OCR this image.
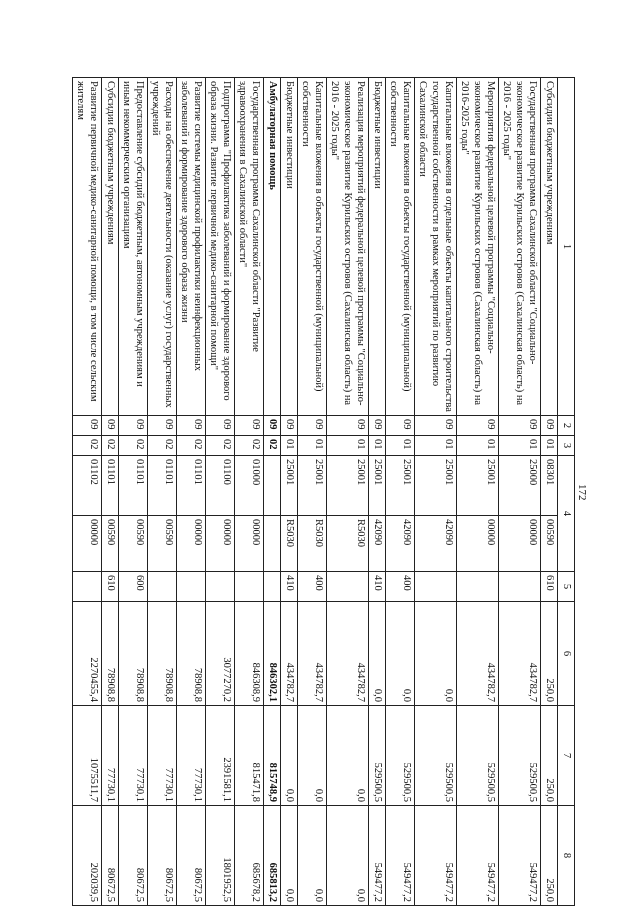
172
1	2	3	4		5	6	7	8
Субсидии бюджетным учреждениям	09	01	08301	00590	610	250,0	250,0	250,0
Государственная программа Сахалинской области "Социально-экономическое развитие Курильских островов (Сахалинская область) на 2016 - 2025 годы"	09	01	25000	00000		434782,7	529500,5	549477,2
Мероприятия федеральной целевой программы "Социально-экономическое развитие Курильских островов (Сахалинская область) на 2016-2025 годы"	09	01	25001	00000		434782,7	529500,5	549477,2
Капитальные вложения в отдельные объекты капитального строительства государственной собственности в рамках мероприятий по развитию Сахалинской области	09	01	25001	42090		0,0	529500,5	549477,2
Капитальные вложения в объекты государственной (муниципальной) собственности	09	01	25001	42090	400	0,0	529500,5	549477,2
Бюджетные инвестиции	09	01	25001	42090	410	0,0	529500,5	549477,2
Реализация мероприятий федеральной целевой программы "Социально-экономическое развитие Курильских островов (Сахалинская область) на 2016 - 2025 годы"	09	01	25001	R5030		434782,7	0,0	0,0
Капитальные вложения в объекты государственной (муниципальной) собственности	09	01	25001	R5030	400	434782,7	0,0	0,0
Бюджетные инвестиции	09	01	25001	R5030	410	434782,7	0,0	0,0
Амбулаторная помощь	09	02				846302,1	815748,9	685813,2
Государственная программа Сахалинской области "Развитие здравоохранения в Сахалинской области"	09	02	01000	00000		846308,9	815471,8	685678,2
Подпрограмма "Профилактика заболеваний и формирование здорового образа жизни. Развитие первичной медико-санитарной помощи"	09	02	01100	00000		3077270,2	2391581,1	1801952,5
Развитие системы медицинской профилактики неинфекционных заболеваний и формирование здорового образа жизни	09	02	01101	00000		78908,8	77730,1	80672,5
Расходы на обеспечение деятельности (оказание услуг) государственных учреждений	09	02	01101	00590		78908,8	77730,1	80672,5
Предоставление субсидий бюджетным, автономным учреждениям и иным некоммерческим организациям	09	02	01101	00590	600	78908,8	77730,1	80672,5
Субсидии бюджетным учреждениям	09	02	01101	00590	610	78908,8	77730,1	80672,5
Развитие первичной медико-санитарной помощи, в том числе сельским жителям	09	02	01102	00000		2270455,4	1075511,7	202039,5
